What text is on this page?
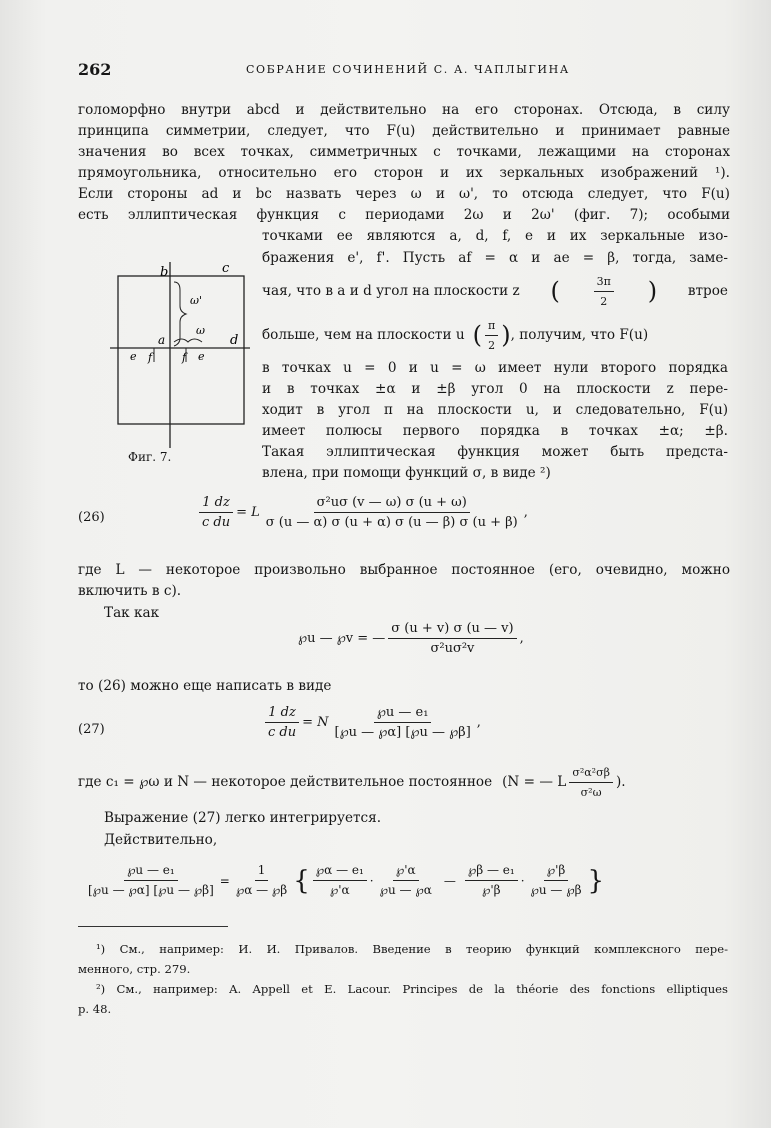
262	СОБРАНИЕ СОЧИНЕНИЙ С. А. ЧАПЛЫГИНА
голоморфно внутри abcd и действительно на его сторонах. Отсюда, в силу
принципа симметрии, следует, что F(u) действительно и принимает равные
значения во всех точках, симметричных с точками, лежащими на сторонах
прямоугольника, относительно его сторон и их зеркальных изображений ¹).
Если стороны ad и bc назвать через ω и ω', то отсюда следует, что F(u)
есть эллиптическая функция с периодами 2ω и 2ω' (фиг. 7); особыми
точками ее являются a, d, f, e и их зеркальные изо-
бражения e', f'. Пусть af = α и ae = β, тогда, заме-
чая, что в a и d угол на плоскости z (	$\frac{3\pi}{2}$ ) втрое
больше, чем на плоскости u ( $\frac{\pi}{2}$ ) , получим, что F(u)
в точках u = 0 и u = ω имеет нули второго порядка
и в точках ±α и ±β угол 0 на плоскости z пере-
ходит в угол π на плоскости u, и следовательно, F(u)
имеет полюсы первого порядка в точках ±α; ±β.
Такая эллиптическая функция может быть предста-
влена, при помощи функций σ, в виде ²)
b	c
ω'
ω
a	d
e f	f e
Фиг. 7.
(26)	$\frac{1 dz}{\text{c du}} = L \frac{\text{σ²uσ (v — ω) σ (u + ω)}}{\sigma (u — \alpha) \sigma (u + \alpha) \sigma (u — \beta) \sigma (u + \beta)}$ ,
где L — некоторое произвольно выбранное постоянное (его, очевидно, можно
включить в c).
Так как
℘u — ℘v = — $\frac{\sigma (u + v) \sigma (u — v)}{\text{σ²uσ²v}}$ ,
то (26) можно еще написать в виде
(27)	$\frac{1 dz}{\text{c du}} = N \frac{\text{℘u — e₁}}{[℘u — ℘\alpha] [℘u — ℘\beta]}$ ,
где c₁ = ℘ω и N — некоторое действительное постоянное (N = — L $\frac{\text{σ²α²σβ}}{\text{σ²ω}}$ ).
Выражение (27) легко интегрируется.
Действительно,
$\frac{\text{℘u — e₁}}{[℘u — ℘\alpha] [℘u — ℘\beta]} = \frac{1}{℘\alpha — ℘\beta}$ { $\frac{\text{℘α — e₁}}{℘'\alpha} \cdot \frac{℘'\alpha}{℘u — ℘\alpha}$ — $\frac{\text{℘β — e₁}}{℘'\beta} \cdot \frac{℘'\beta}{℘u — ℘\beta}$ }
¹) См., например: И. И. Привалов. Введение в теорию функций комплексного пере-
менного, стр. 279.
²) См., например: A. Appell et E. Lacour. Principes de la théorie des fonctions elliptiques
p. 48.
